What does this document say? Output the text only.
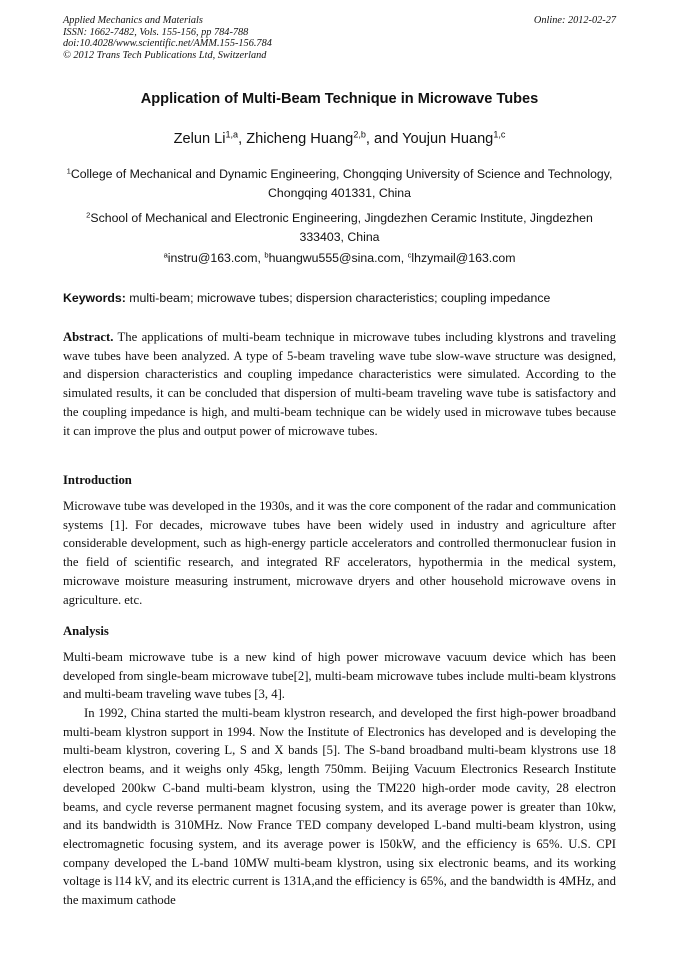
Applied Mechanics and Materials
ISSN: 1662-7482, Vols. 155-156, pp 784-788
doi:10.4028/www.scientific.net/AMM.155-156.784
© 2012 Trans Tech Publications Ltd, Switzerland
Online: 2012-02-27
Application of Multi-Beam Technique in Microwave Tubes
Zelun Li$^{1,a}$, Zhicheng Huang$^{2,b}$, and Youjun Huang$^{1,c}$
$^1$College of Mechanical and Dynamic Engineering, Chongqing University of Science and Technology, Chongqing 401331, China
$^2$School of Mechanical and Electronic Engineering, Jingdezhen Ceramic Institute, Jingdezhen 333403, China
$^a$instru@163.com, $^b$huangwu555@sina.com, $^c$lhzymail@163.com
Keywords: multi-beam; microwave tubes; dispersion characteristics; coupling impedance
Abstract. The applications of multi-beam technique in microwave tubes including klystrons and traveling wave tubes have been analyzed. A type of 5-beam traveling wave tube slow-wave structure was designed, and dispersion characteristics and coupling impedance characteristics were simulated. According to the simulated results, it can be concluded that dispersion of multi-beam traveling wave tube is satisfactory and the coupling impedance is high, and multi-beam technique can be widely used in microwave tubes because it can improve the plus and output power of microwave tubes.
Introduction
Microwave tube was developed in the 1930s, and it was the core component of the radar and communication systems [1]. For decades, microwave tubes have been widely used in industry and agriculture after considerable development, such as high-energy particle accelerators and controlled thermonuclear fusion in the field of scientific research, and integrated RF accelerators, hypothermia in the medical system, microwave moisture measuring instrument, microwave dryers and other household microwave ovens in agriculture. etc.
Analysis
Multi-beam microwave tube is a new kind of high power microwave vacuum device which has been developed from single-beam microwave tube[2], multi-beam microwave tubes include multi-beam klystrons and multi-beam traveling wave tubes [3, 4].
In 1992, China started the multi-beam klystron research, and developed the first high-power broadband multi-beam klystron support in 1994. Now the Institute of Electronics has developed and is developing the multi-beam klystron, covering L, S and X bands [5]. The S-band broadband multi-beam klystrons use 18 electron beams, and it weighs only 45kg, length 750mm. Beijing Vacuum Electronics Research Institute developed 200kw C-band multi-beam klystron, using the TM220 high-order mode cavity, 28 electron beams, and cycle reverse permanent magnet focusing system, and its average power is greater than 10kw, and its bandwidth is 310MHz. Now France TED company developed L-band multi-beam klystron, using electromagnetic focusing system, and its average power is l50kW, and the efficiency is 65%. U.S. CPI company developed the L-band 10MW multi-beam klystron, using six electronic beams, and its working voltage is l14 kV, and its electric current is 131A,and the efficiency is 65%, and the bandwidth is 4MHz, and the maximum cathode
